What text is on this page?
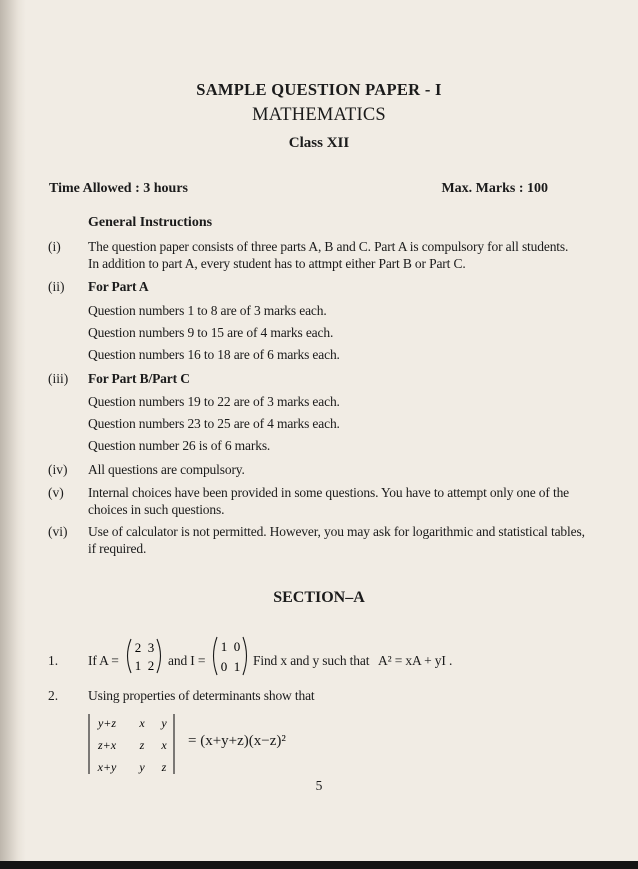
SAMPLE QUESTION PAPER - I
MATHEMATICS
Class XII
Time Allowed : 3 hours	Max. Marks : 100
General Instructions
(i) The question paper consists of three parts A, B and C. Part A is compulsory for all students.
In addition to part A, every student has to attmpt either Part B or Part C.
(ii) For Part A
Question numbers 1 to 8 are of 3 marks each.
Question numbers 9 to 15 are of 4 marks each.
Question numbers 16 to 18 are of 6 marks each.
(iii) For Part B/Part C
Question numbers 19 to 22 are of 3 marks each.
Question numbers 23 to 25 are of 4 marks each.
Question number 26 is of 6 marks.
(iv) All questions are compulsory.
(v) Internal choices have been provided in some questions. You have to attempt only one of the
choices in such questions.
(vi) Use of calculator is not permitted. However, you may ask for logarithmic and statistical tables,
if required.
SECTION–A
1. If A =
2 3
1 2 and I =
1 0
0 1 Find x and y such that A² = xA + yI .
2. Using properties of determinants show that
y+z x y
z+x z x
x+y y z
= (x+y+z)(x−z)²
5
